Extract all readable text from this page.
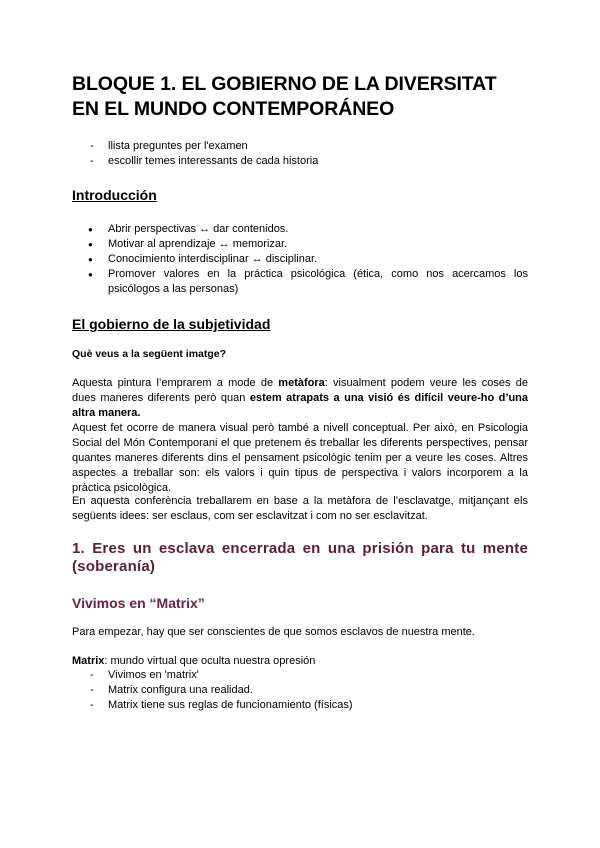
BLOQUE 1. EL GOBIERNO DE LA DIVERSITAT
EN EL MUNDO CONTEMPORÁNEO
- llista preguntes per l'examen
- escollir temes interessants de cada historia
Introducción
● Abrir perspectivas ↔ dar contenidos.
● Motivar al aprendizaje ↔ memorizar.
● Conocimiento interdisciplinar ↔ disciplinar.
● Promover valores en la práctica psicológica (ética, como nos acercamos los psicólogos a las personas)
El gobierno de la subjetividad

Què veus a la següent imatge?

Aquesta pintura l’emprarem a mode de metàfora: visualment podem veure les coses de dues maneres diferents però quan estem atrapats a una visió és difícil veure-ho d’una altra manera.

Aquest fet ocorre de manera visual però també a nivell conceptual. Per això, en Psicologia Social del Món Contemporani el que pretenem és treballar les diferents perspectives, pensar quantes maneres diferents dins el pensament psicològic tenim per a veure les coses. Altres aspectes a treballar son: els valors i quin tipus de perspectiva i valors incorporem a la pràctica psicològica.

En aquesta conferència treballarem en base a la metàfora de l’esclavatge, mitjançant els següents idees: ser esclaus, com ser esclavitzat i com no ser esclavitzat.

1. Eres un esclava encerrada en una prisión para tu mente (soberanía)
Vivimos en “Matrix”

Para empezar, hay que ser conscientes de que somos esclavos de nuestra mente.

Matrix: mundo virtual que oculta nuestra opresión

- Vivimos en 'matrix'
- Matrix configura una realidad.
- Matrix tiene sus reglas de funcionamiento (físicas)
